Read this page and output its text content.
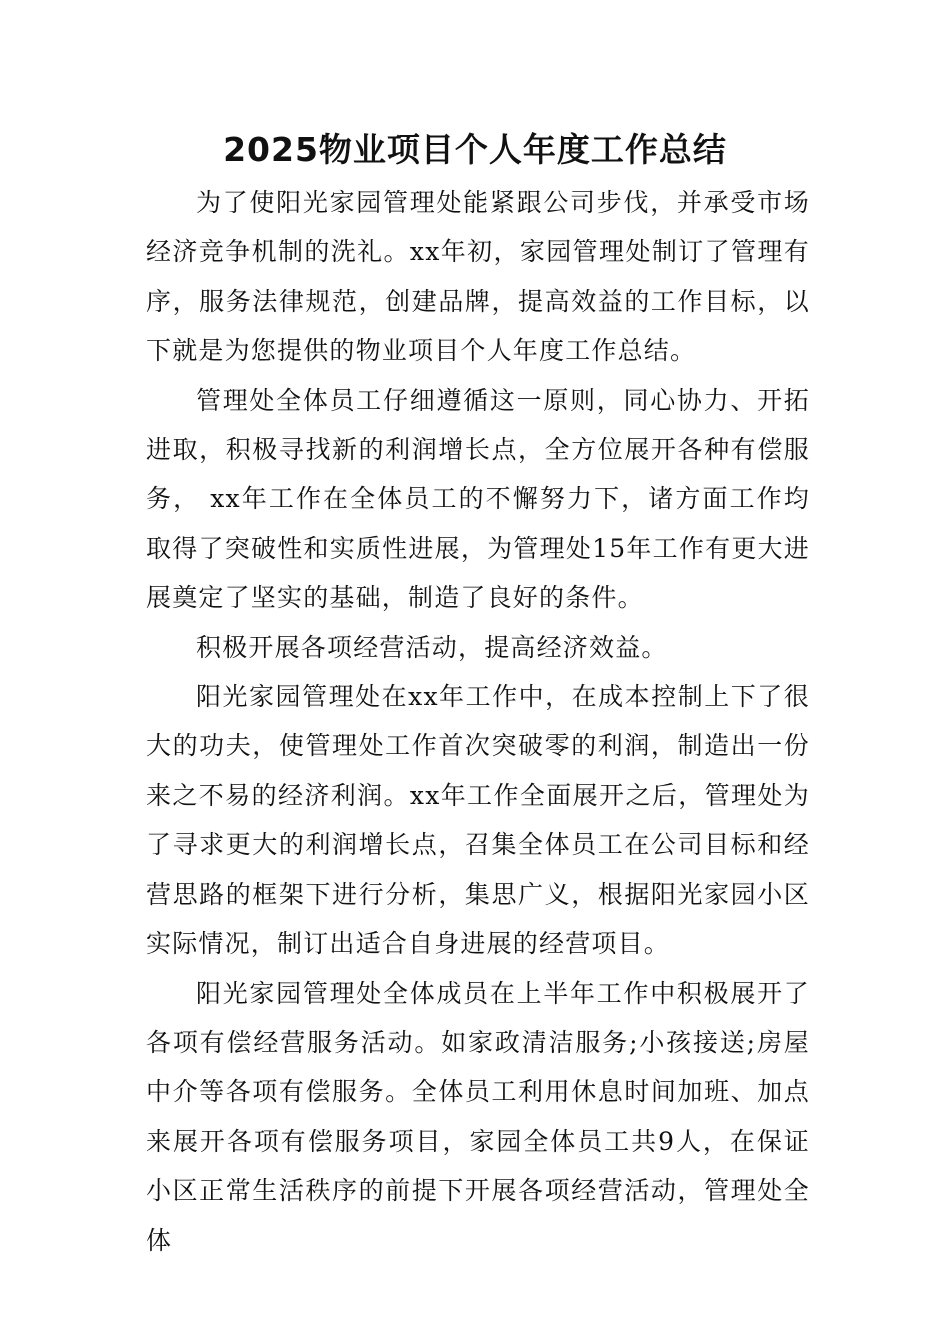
2025物业项目个人年度工作总结

为了使阳光家园管理处能紧跟公司步伐，并承受市场经济竞争机制的洗礼。xx年初，家园管理处制订了管理有序，服务法律规范，创建品牌，提高效益的工作目标，以下就是为您提供的物业项目个人年度工作总结。

管理处全体员工仔细遵循这一原则，同心协力、开拓进取，积极寻找新的利润增长点，全方位展开各种有偿服务， xx年工作在全体员工的不懈努力下，诸方面工作均取得了突破性和实质性进展，为管理处15年工作有更大进展奠定了坚实的基础，制造了良好的条件。

积极开展各项经营活动，提高经济效益。

阳光家园管理处在xx年工作中，在成本控制上下了很大的功夫，使管理处工作首次突破零的利润，制造出一份来之不易的经济利润。xx年工作全面展开之后，管理处为了寻求更大的利润增长点，召集全体员工在公司目标和经营思路的框架下进行分析，集思广义，根据阳光家园小区实际情况，制订出适合自身进展的经营项目。

阳光家园管理处全体成员在上半年工作中积极展开了各项有偿经营服务活动。如家政清洁服务;小孩接送;房屋中介等各项有偿服务。全体员工利用休息时间加班、加点来展开各项有偿服务项目，家园全体员工共9人，在保证小区正常生活秩序的前提下开展各项经营活动，管理处全体
